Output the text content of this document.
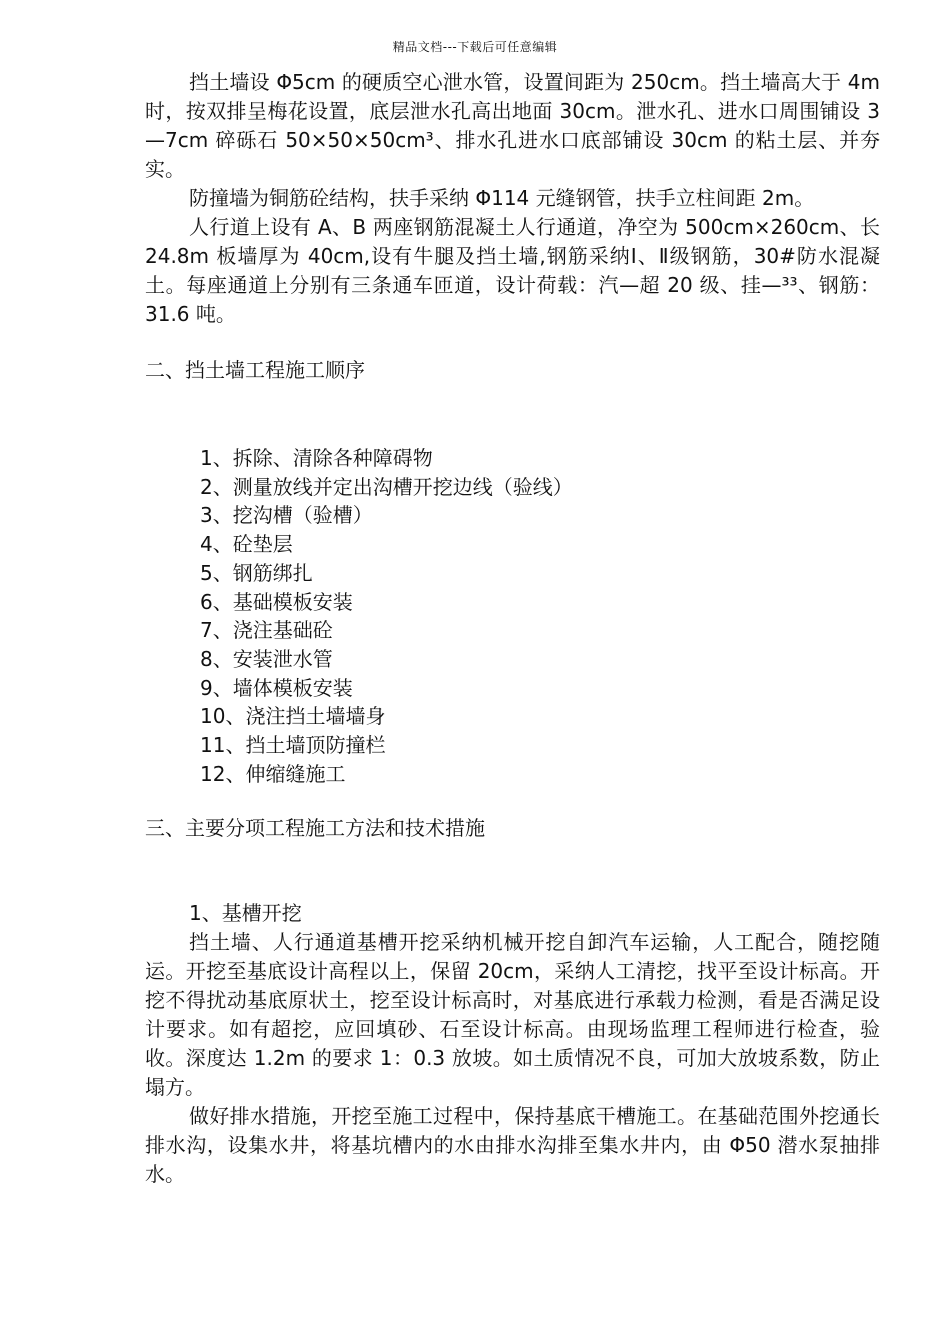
精品文档---下载后可任意编辑

挡土墙设 Φ5cm 的硬质空心泄水管，设置间距为 250cm。挡土墙高大于 4m 时，按双排呈梅花设置，底层泄水孔高出地面 30cm。泄水孔、进水口周围铺设 3—7cm 碎砾石 50×50×50cm³、排水孔进水口底部铺设 30cm 的粘土层、并夯实。

防撞墙为铜筋砼结构，扶手采纳 Φ114 元缝钢管，扶手立柱间距 2m。

人行道上设有 A、B 两座钢筋混凝土人行通道，净空为 500cm×260cm、长 24.8m 板墙厚为 40cm,设有牛腿及挡土墙,钢筋采纳Ⅰ、Ⅱ级钢筋，30#防水混凝土。每座通道上分别有三条通车匝道，设计荷载：汽—超 20 级、挂—³³、钢筋：31.6 吨。

二、挡土墙工程施工顺序

1、拆除、清除各种障碍物
2、测量放线并定出沟槽开挖边线（验线）
3、挖沟槽（验槽）
4、砼垫层
5、钢筋绑扎
6、基础模板安装
7、浇注基础砼
8、安装泄水管
9、墙体模板安装
10、浇注挡土墙墙身
11、挡土墙顶防撞栏
12、伸缩缝施工

三、主要分项工程施工方法和技术措施

1、基槽开挖

挡土墙、人行通道基槽开挖采纳机械开挖自卸汽车运输，人工配合，随挖随运。开挖至基底设计高程以上，保留 20cm，采纳人工清挖，找平至设计标高。开挖不得扰动基底原状土，挖至设计标高时，对基底进行承载力检测，看是否满足设计要求。如有超挖，应回填砂、石至设计标高。由现场监理工程师进行检查，验收。深度达 1.2m 的要求 1：0.3 放坡。如土质情况不良，可加大放坡系数，防止塌方。

做好排水措施，开挖至施工过程中，保持基底干槽施工。在基础范围外挖通长排水沟，设集水井，将基坑槽内的水由排水沟排至集水井内，由 Φ50 潜水泵抽排水。
